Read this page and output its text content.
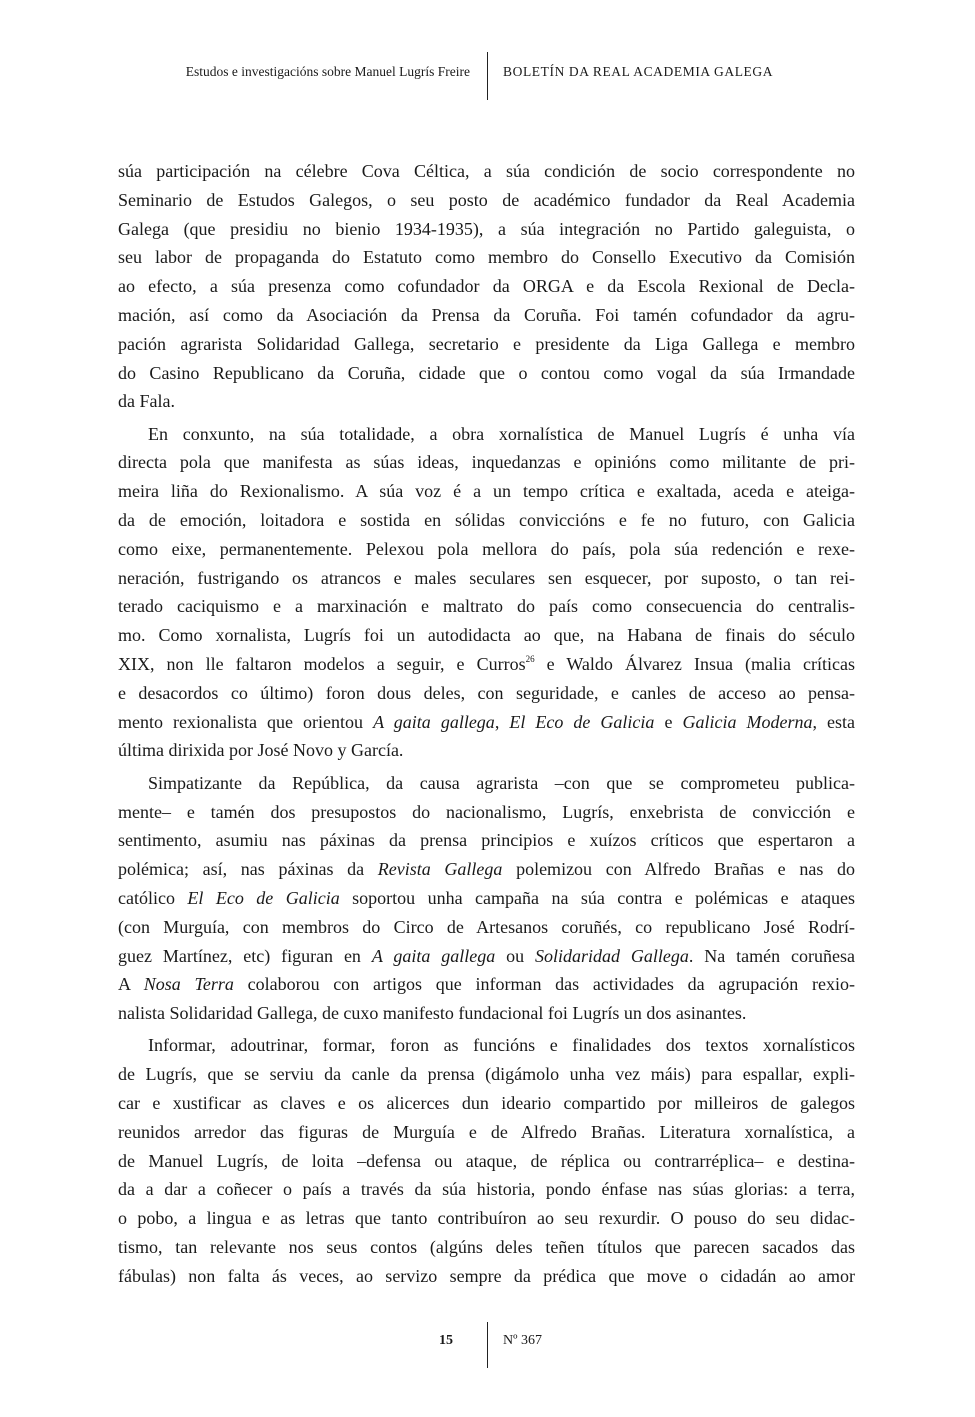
Estudos e investigacións sobre Manuel Lugrís Freire BOLETÍN DA REAL ACADEMIA GALEGA
súa participación na célebre Cova Céltica, a súa condición de socio correspondente no
Seminario de Estudos Galegos, o seu posto de académico fundador da Real Academia
Galega (que presidiu no bienio 1934-1935), a súa integración no Partido galeguista, o
seu labor de propaganda do Estatuto como membro do Consello Executivo da Comisión
ao efecto, a súa presenza como cofundador da ORGA e da Escola Rexional de Decla-
mación, así como da Asociación da Prensa da Coruña. Foi tamén cofundador da agru-
pación agrarista Solidaridad Gallega, secretario e presidente da Liga Gallega e membro
do Casino Republicano da Coruña, cidade que o contou como vogal da súa Irmandade
da Fala.
En conxunto, na súa totalidade, a obra xornalística de Manuel Lugrís é unha vía
directa pola que manifesta as súas ideas, inquedanzas e opinións como militante de pri-
meira liña do Rexionalismo. A súa voz é a un tempo crítica e exaltada, aceda e ateiga-
da de emoción, loitadora e sostida en sólidas conviccións e fe no futuro, con Galicia
como eixe, permanentemente. Pelexou pola mellora do país, pola súa redención e rexe-
neración, fustrigando os atrancos e males seculares sen esquecer, por suposto, o tan rei-
terado caciquismo e a marxinación e maltrato do país como consecuencia do centralis-
mo. Como xornalista, Lugrís foi un autodidacta ao que, na Habana de finais do século
XIX, non lle faltaron modelos a seguir, e Curros$^{26}$ e Waldo Álvarez Insua (malia críticas
e desacordos co último) foron dous deles, con seguridade, e canles de acceso ao pensa-
mento rexionalista que orientou A gaita gallega, El Eco de Galicia e Galicia Moderna, esta
última dirixida por José Novo y García.
Simpatizante da República, da causa agrarista –con que se comprometeu publica-
mente– e tamén dos presupostos do nacionalismo, Lugrís, enxebrista de convicción e
sentimento, asumiu nas páxinas da prensa principios e xuízos críticos que espertaron a
polémica; así, nas páxinas da Revista Gallega polemizou con Alfredo Brañas e nas do
católico El Eco de Galicia soportou unha campaña na súa contra e polémicas e ataques
(con Murguía, con membros do Circo de Artesanos coruñés, co republicano José Rodrí-
guez Martínez, etc) figuran en A gaita gallega ou Solidaridad Gallega. Na tamén coruñesa
A Nosa Terra colaborou con artigos que informan das actividades da agrupación rexio-
nalista Solidaridad Gallega, de cuxo manifesto fundacional foi Lugrís un dos asinantes.
Informar, adoutrinar, formar, foron as funcións e finalidades dos textos xornalísticos
de Lugrís, que se serviu da canle da prensa (digámolo unha vez máis) para espallar, expli-
car e xustificar as claves e os alicerces dun ideario compartido por milleiros de galegos
reunidos arredor das figuras de Murguía e de Alfredo Brañas. Literatura xornalística, a
de Manuel Lugrís, de loita –defensa ou ataque, de réplica ou contrarréplica– e destina-
da a dar a coñecer o país a través da súa historia, pondo énfase nas súas glorias: a terra,
o pobo, a lingua e as letras que tanto contribuíron ao seu rexurdir. O pouso do seu didac-
tismo, tan relevante nos seus contos (algúns deles teñen títulos que parecen sacados das
fábulas) non falta ás veces, ao servizo sempre da prédica que move o cidadán ao amor
15	Nº 367
